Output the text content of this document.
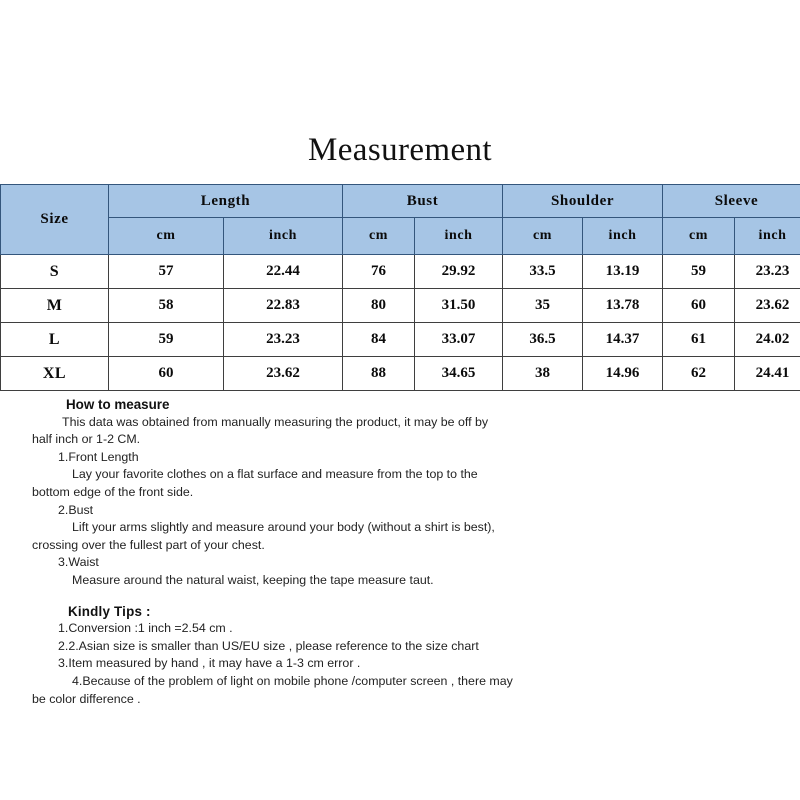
Measurement
Size	Length		Bust		Shoulder		Sleeve	
	cm	inch	cm	inch	cm	inch	cm	inch
S	57	22.44	76	29.92	33.5	13.19	59	23.23
M	58	22.83	80	31.50	35	13.78	60	23.62
L	59	23.23	84	33.07	36.5	14.37	61	24.02
XL	60	23.62	88	34.65	38	14.96	62	24.41
How to measure
This data was obtained from manually measuring the product, it may be off by
half inch or 1-2 CM.
1.Front Length
Lay your favorite clothes on a flat surface and measure from the top to the
bottom edge of the front side.
2.Bust
Lift your arms slightly and measure around your body (without a shirt is best),
crossing over the fullest part of your chest.
3.Waist
Measure around the natural waist, keeping the tape measure taut.
Kindly Tips :
1.Conversion :1 inch =2.54 cm .
2.2.Asian size is smaller than US/EU size , please reference to the size chart
3.Item measured by hand , it may have a 1-3 cm error .
4.Because of the problem of light on mobile phone /computer screen , there may
be color difference .
